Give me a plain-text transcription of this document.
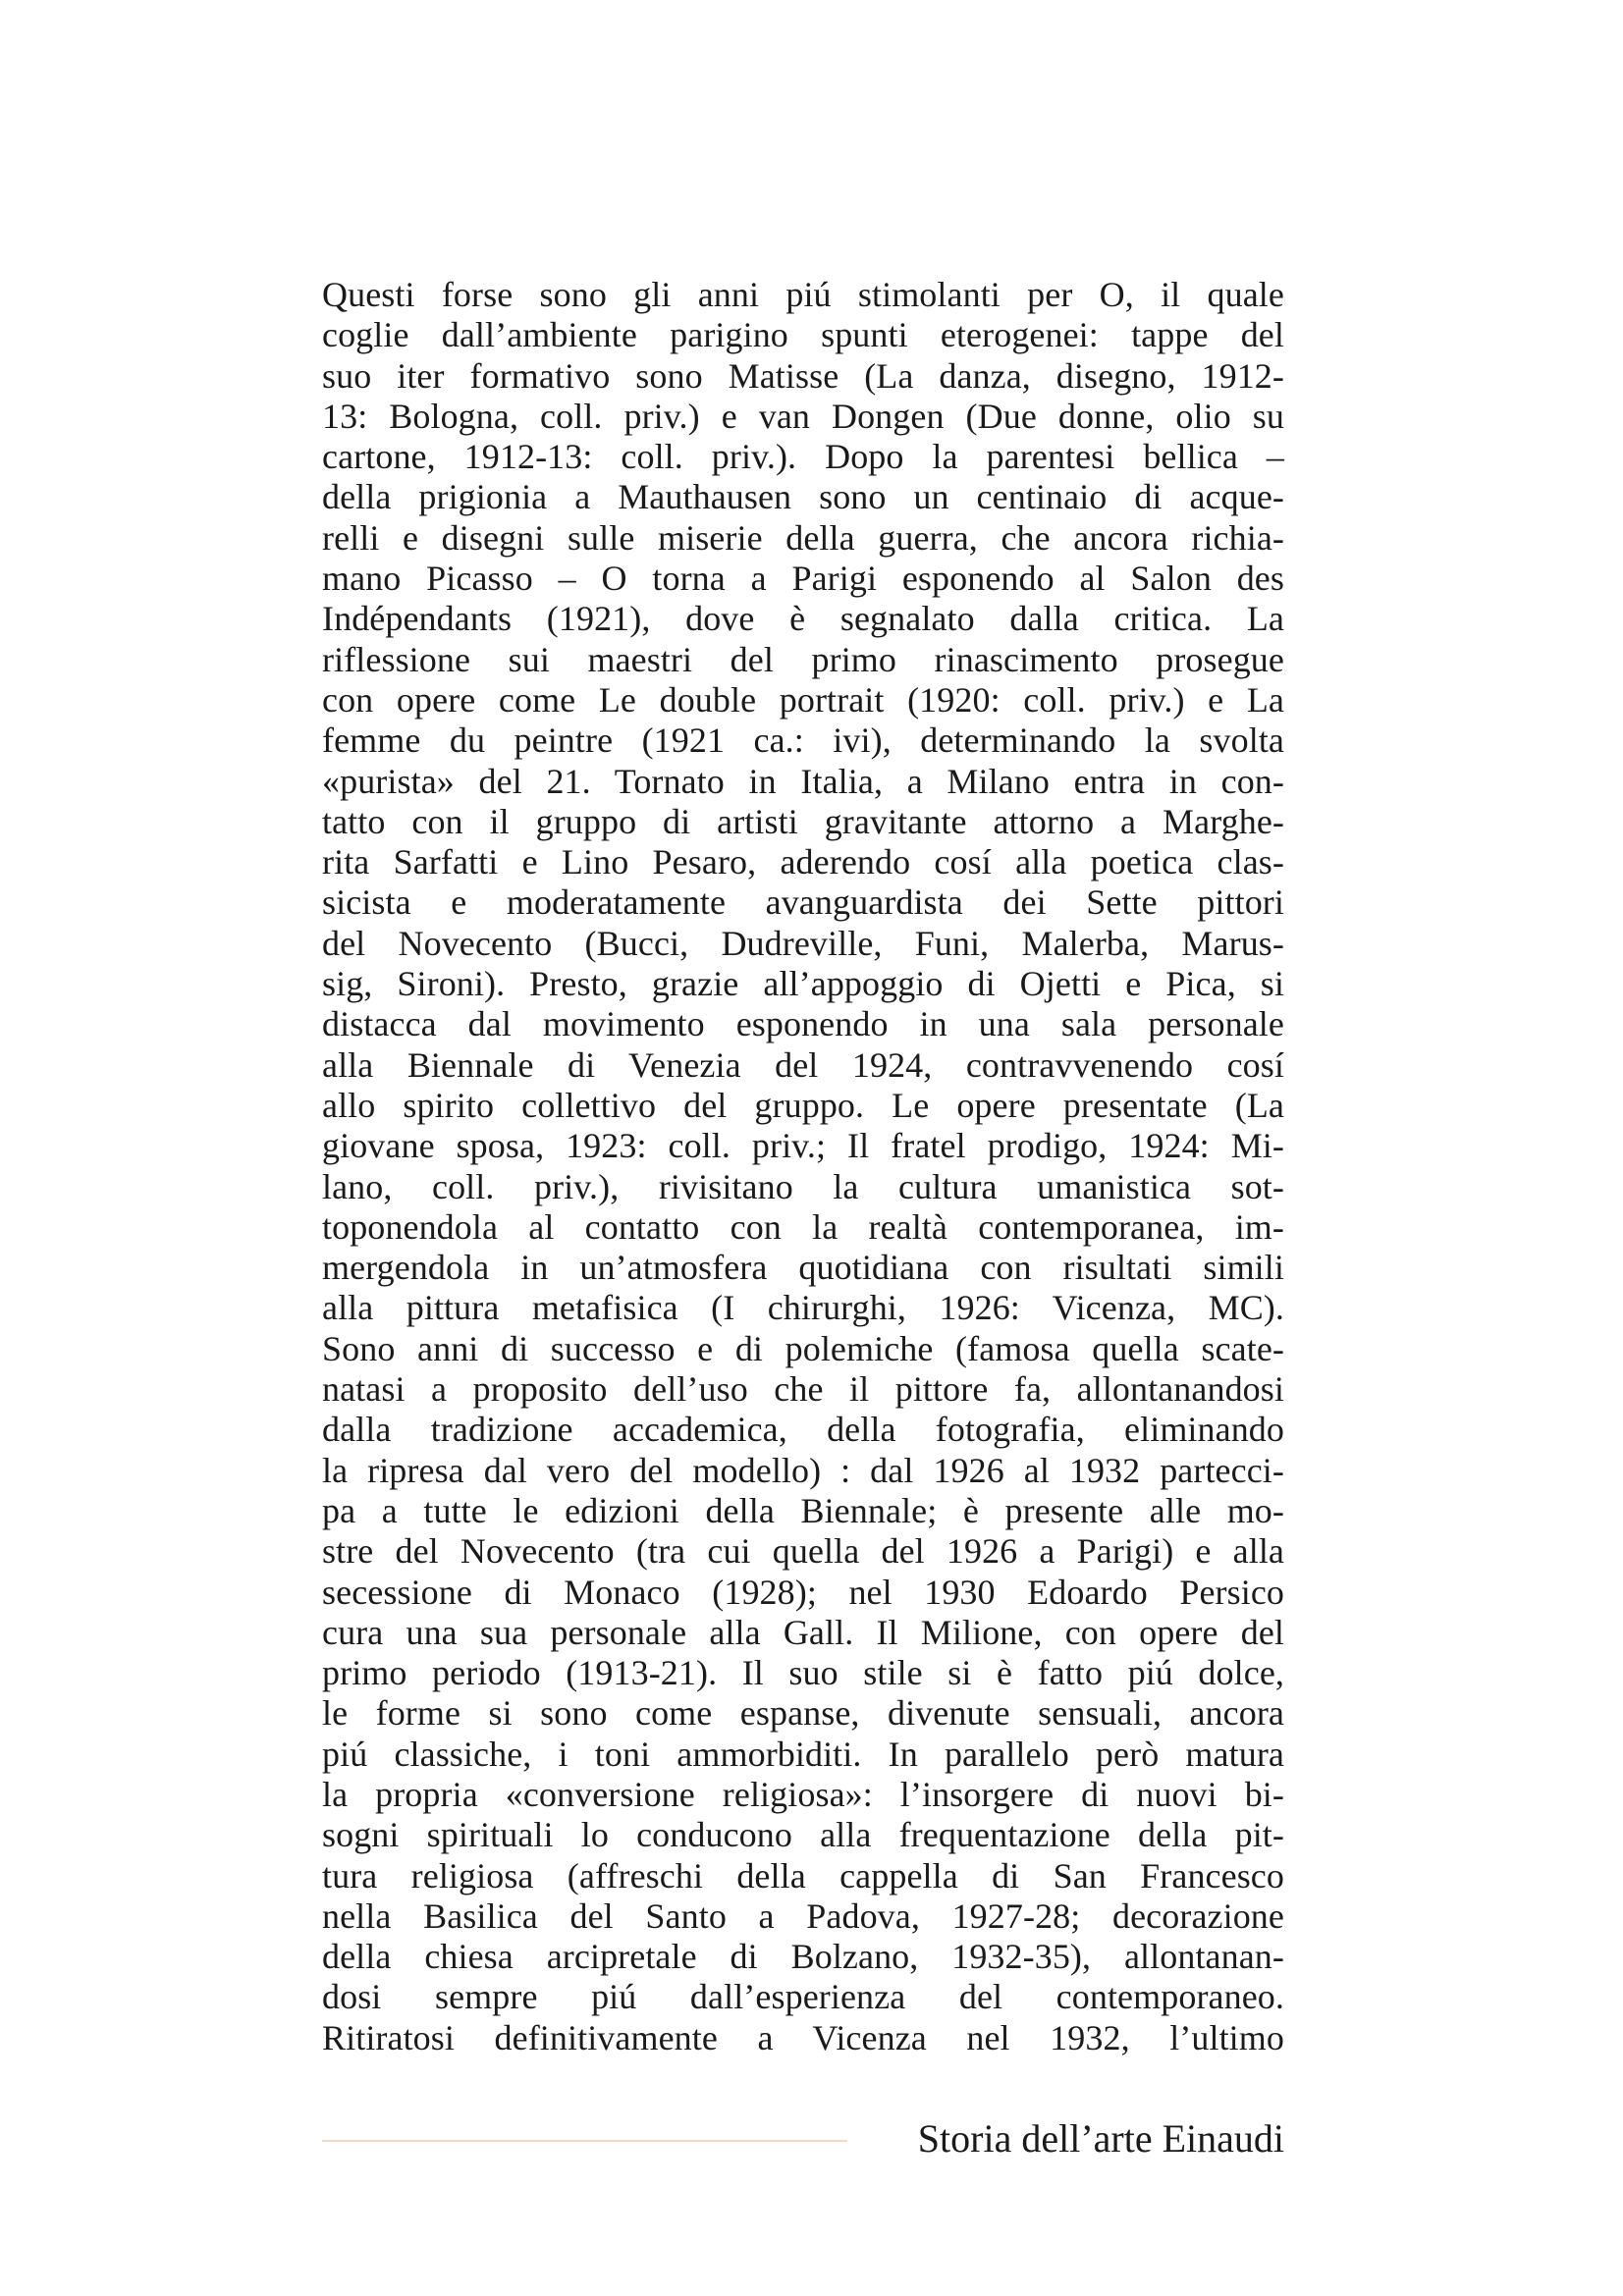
Questi forse sono gli anni piú stimolanti per O, il quale
coglie dall’ambiente parigino spunti eterogenei: tappe del
suo iter formativo sono Matisse (La danza, disegno, 1912-
13: Bologna, coll. priv.) e van Dongen (Due donne, olio su
cartone, 1912-13: coll. priv.). Dopo la parentesi bellica –
della prigionia a Mauthausen sono un centinaio di acque-
relli e disegni sulle miserie della guerra, che ancora richia-
mano Picasso – O torna a Parigi esponendo al Salon des
Indépendants (1921), dove è segnalato dalla critica. La
riflessione sui maestri del primo rinascimento prosegue
con opere come Le double portrait (1920: coll. priv.) e La
femme du peintre (1921 ca.: ivi), determinando la svolta
«purista» del 21. Tornato in Italia, a Milano entra in con-
tatto con il gruppo di artisti gravitante attorno a Marghe-
rita Sarfatti e Lino Pesaro, aderendo cosí alla poetica clas-
sicista e moderatamente avanguardista dei Sette pittori
del Novecento (Bucci, Dudreville, Funi, Malerba, Marus-
sig, Sironi). Presto, grazie all’appoggio di Ojetti e Pica, si
distacca dal movimento esponendo in una sala personale
alla Biennale di Venezia del 1924, contravvenendo cosí
allo spirito collettivo del gruppo. Le opere presentate (La
giovane sposa, 1923: coll. priv.; Il fratel prodigo, 1924: Mi-
lano, coll. priv.), rivisitano la cultura umanistica sot-
toponendola al contatto con la realtà contemporanea, im-
mergendola in un’atmosfera quotidiana con risultati simili
alla pittura metafisica (I chirurghi, 1926: Vicenza, MC).
Sono anni di successo e di polemiche (famosa quella scate-
natasi a proposito dell’uso che il pittore fa, allontanandosi
dalla tradizione accademica, della fotografia, eliminando
la ripresa dal vero del modello) : dal 1926 al 1932 partecci-
pa a tutte le edizioni della Biennale; è presente alle mo-
stre del Novecento (tra cui quella del 1926 a Parigi) e alla
secessione di Monaco (1928); nel 1930 Edoardo Persico
cura una sua personale alla Gall. Il Milione, con opere del
primo periodo (1913-21). Il suo stile si è fatto piú dolce,
le forme si sono come espanse, divenute sensuali, ancora
piú classiche, i toni ammorbiditi. In parallelo però matura
la propria «conversione religiosa»: l’insorgere di nuovi bi-
sogni spirituali lo conducono alla frequentazione della pit-
tura religiosa (affreschi della cappella di San Francesco
nella Basilica del Santo a Padova, 1927-28; decorazione
della chiesa arcipretale di Bolzano, 1932-35), allontanan-
dosi sempre piú dall’esperienza del contemporaneo.
Ritiratosi definitivamente a Vicenza nel 1932, l’ultimo
Storia dell’arte Einaudi
